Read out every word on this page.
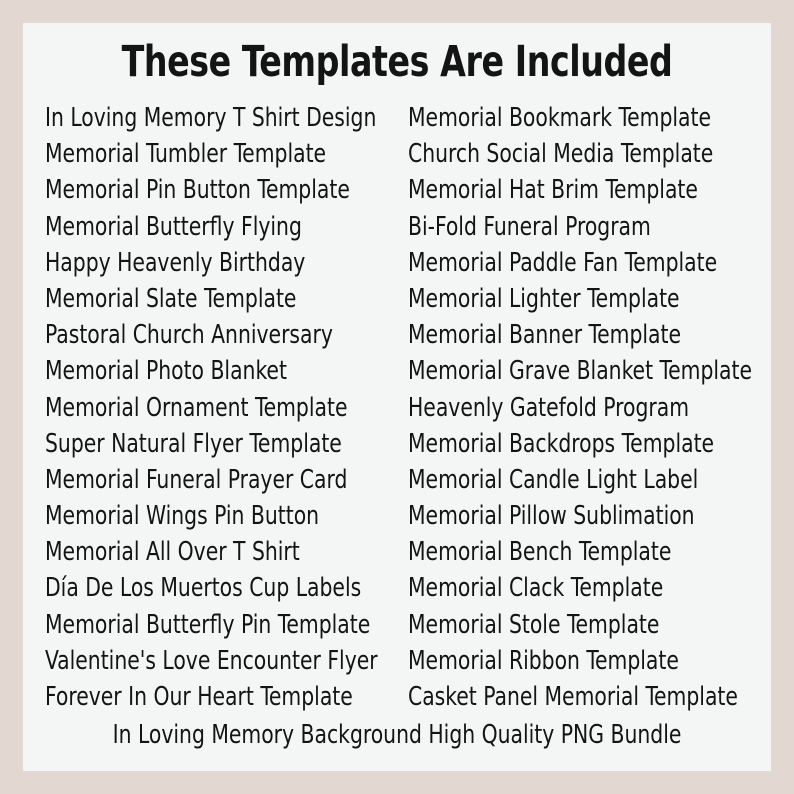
These Templates Are Included
In Loving Memory T Shirt Design
Memorial Tumbler Template
Memorial Pin Button Template
Memorial Butterfly Flying
Happy Heavenly Birthday
Memorial Slate Template
Pastoral Church Anniversary
Memorial Photo Blanket
Memorial Ornament Template
Super Natural Flyer Template
Memorial Funeral Prayer Card
Memorial Wings Pin Button
Memorial All Over T Shirt
Día De Los Muertos Cup Labels
Memorial Butterfly Pin Template
Valentine's Love Encounter Flyer
Forever In Our Heart Template
Memorial Bookmark Template
Church Social Media Template
Memorial Hat Brim Template
Bi-Fold Funeral Program
Memorial Paddle Fan Template
Memorial Lighter Template
Memorial Banner Template
Memorial Grave Blanket Template
Heavenly Gatefold Program
Memorial Backdrops Template
Memorial Candle Light Label
Memorial Pillow Sublimation
Memorial Bench Template
Memorial Clack Template
Memorial Stole Template
Memorial Ribbon Template
Casket Panel Memorial Template
In Loving Memory Background High Quality PNG Bundle
